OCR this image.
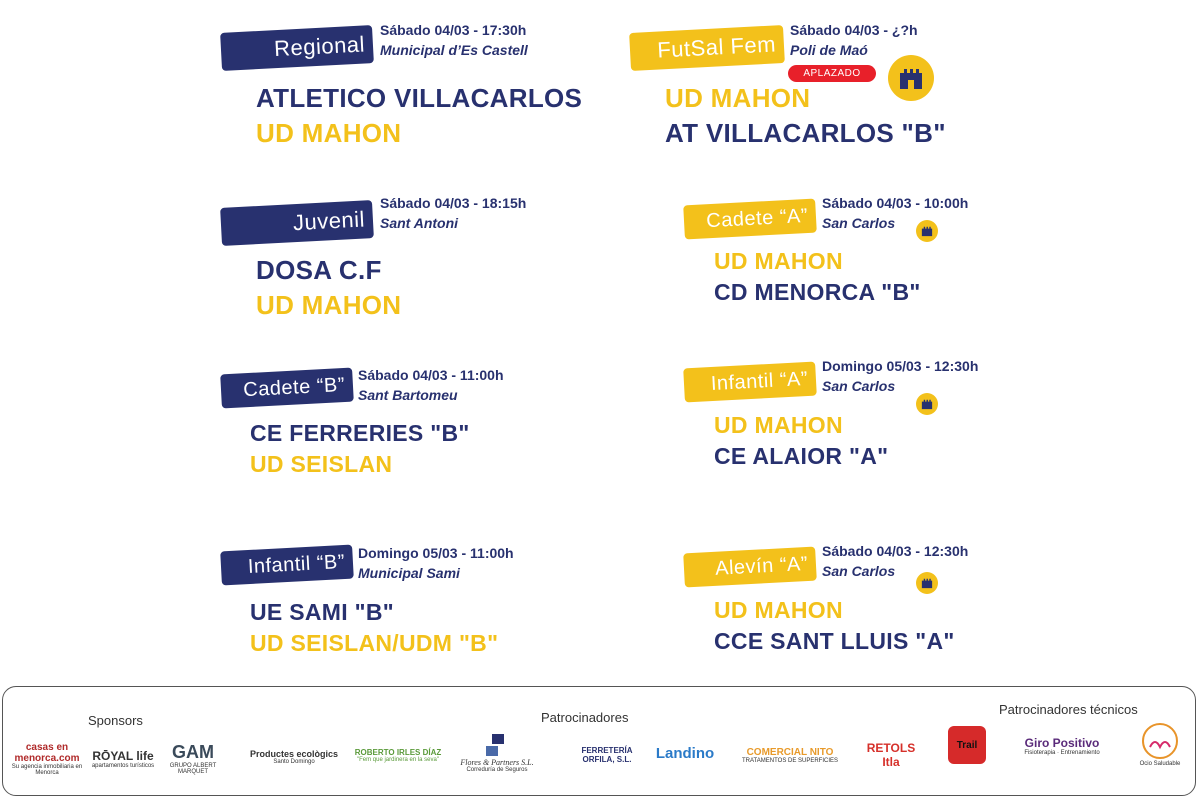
Regional
Sábado 04/03 - 17:30h
Municipal d’Es Castell
ATLETICO VILLACARLOS
UD MAHON
FutSal Fem
Sábado 04/03 - ¿?h
Poli de Maó
APLAZADO
UD MAHON
AT VILLACARLOS "B"
Juvenil
Sábado 04/03 - 18:15h
Sant Antoni
DOSA C.F
UD MAHON
Cadete “A”
Sábado 04/03 - 10:00h
San Carlos
UD MAHON
CD MENORCA "B"
Cadete “B” Sábado 04/03 - 11:00h
Sant Bartomeu
CE FERRERIES "B"
UD SEISLAN
Infantil “A”
Domingo 05/03 - 12:30h
San Carlos
UD MAHON
CE ALAIOR "A"
Infantil “B” Domingo 05/03 - 11:00h
Municipal Sami
UE SAMI "B"
UD SEISLAN/UDM "B"
Alevín “A”
Sábado 04/03 - 12:30h
San Carlos
UD MAHON
CCE SANT LLUIS "A"
Sponsors	Patrocinadores
Patrocinadores técnicos
casas en menorca.com
Su agencia inmobiliaria en Menorca
RŌYAL life
apartamentos turísticos
GAM
GRUPO ALBERT MARQUET
Productes ecològics
Santo Domingo
ROBERTO IRLES DÍAZ
"Fem que jardinera en la seva"	Flores & Partners S.L.
Correduría de Seguros
FERRETERÍA ORFILA, S.L.	Landino	COMERCIAL NITO
TRATAMENTOS DE SUPERFICIES
RETOLS Itla
Trail	Giro Positivo
Fisioterapia · Entrenamiento
Ocio Saludable
